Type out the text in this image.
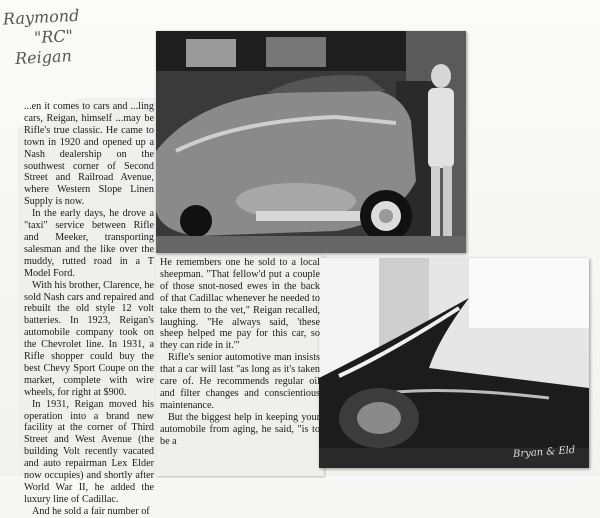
Raymond
"RC"
Reigan
Bryan & Eld

...en it comes to cars and ...ling cars, Reigan, himself ...may be Rifle's true classic. He came to town in 1920 and opened up a Nash dealership on the southwest corner of Second Street and Railroad Avenue, where Western Slope Linen Supply is now.

In the early days, he drove a "taxi" service between Rifle and Meeker, transporting salesman and the like over the muddy, rutted road in a T Model Ford.

With his brother, Clarence, he sold Nash cars and repaired and rebuilt the old style 12 volt batteries. In 1923, Reigan's automobile company took on the Chevrolet line. In 1931, a Rifle shopper could buy the best Chevy Sport Coupe on the market, complete with wire wheels, for right at $900.

In 1931, Reigan moved his operation into a brand new facility at the corner of Third Street and West Avenue (the building Volt recently vacated and auto repairman Lex Elder now occupies) and shortly after World War II, he added the luxury line of Cadillac.

And he sold a fair number of

He remembers one he sold to a local sheepman. "That fellow'd put a couple of those snot-nosed ewes in the back of that Cadillac whenever he needed to take them to the vet," Reigan recalled, laughing. "He always said, 'these sheep helped me pay for this car, so they can ride in it.'"

Rifle's senior automotive man insists that a car will last "as long as it's taken care of. He recommends regular oil and filter changes and conscientious maintenance.

But the biggest help in keeping your automobile from aging, he said, "is to be a
